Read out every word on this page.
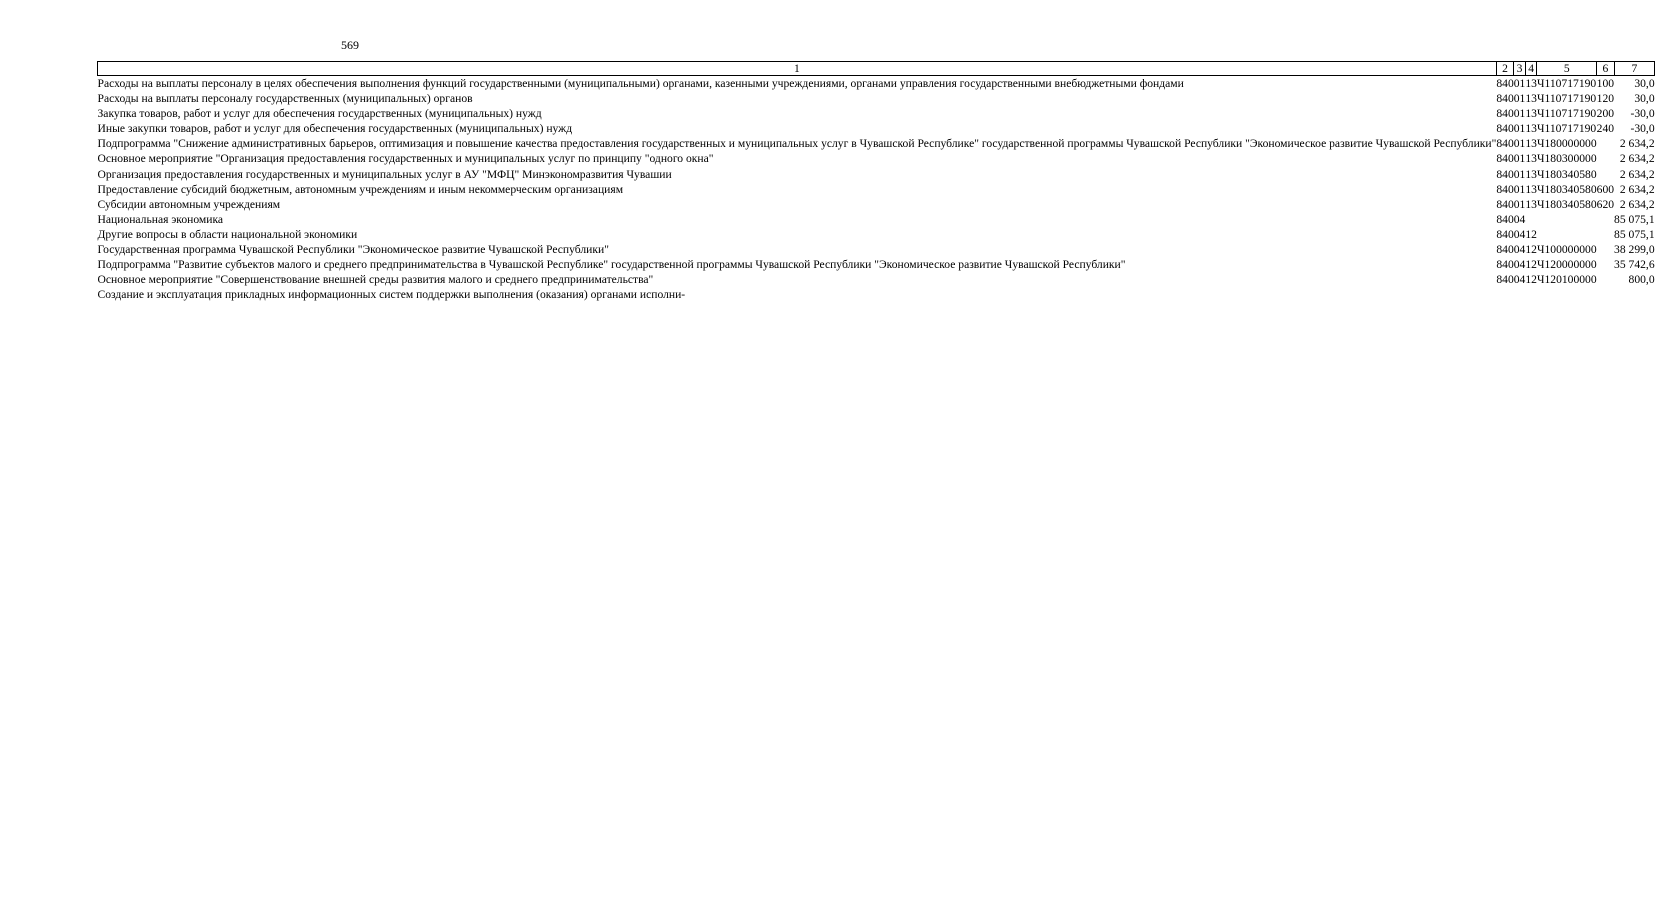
569
1	2	3	4	5	6	7
Расходы на выплаты персоналу в целях обеспечения выполнения функций государственными (муниципальными) органами, казенными учреждениями, органами управления государственными внебюджетными фондами	840	01	13	Ч110717190	100	30,0
Расходы на выплаты персоналу государственных (муниципальных) органов	840	01	13	Ч110717190	120	30,0
Закупка товаров, работ и услуг для обеспечения государственных (муниципальных) нужд	840	01	13	Ч110717190	200	-30,0
Иные закупки товаров, работ и услуг для обеспечения государственных (муниципальных) нужд	840	01	13	Ч110717190	240	-30,0
Подпрограмма "Снижение административных барьеров, оптимизация и повышение качества предоставления государственных и муниципальных услуг в Чувашской Республике" государственной программы Чувашской Республики "Экономическое развитие Чувашской Республики"	840	01	13	Ч180000000		2 634,2
Основное мероприятие "Организация предоставления государственных и муниципальных услуг по принципу "одного окна"	840	01	13	Ч180300000		2 634,2
Организация предоставления государственных и муниципальных услуг в АУ "МФЦ" Минэкономразвития Чувашии	840	01	13	Ч180340580		2 634,2
Предоставление субсидий бюджетным, автономным учреждениям и иным некоммерческим организациям	840	01	13	Ч180340580	600	2 634,2
Субсидии автономным учреждениям	840	01	13	Ч180340580	620	2 634,2
Национальная экономика	840	04				85 075,1
Другие вопросы в области национальной экономики	840	04	12			85 075,1
Государственная программа Чувашской Республики "Экономическое развитие Чувашской Республики"	840	04	12	Ч100000000		38 299,0
Подпрограмма "Развитие субъектов малого и среднего предпринимательства в Чувашской Республике" государственной программы Чувашской Республики "Экономическое развитие Чувашской Республики"	840	04	12	Ч120000000		35 742,6
Основное мероприятие "Совершенствование внешней среды развития малого и среднего предпринимательства"	840	04	12	Ч120100000		800,0
Создание и эксплуатация прикладных информационных систем поддержки выполнения (оказания) органами исполни-						
